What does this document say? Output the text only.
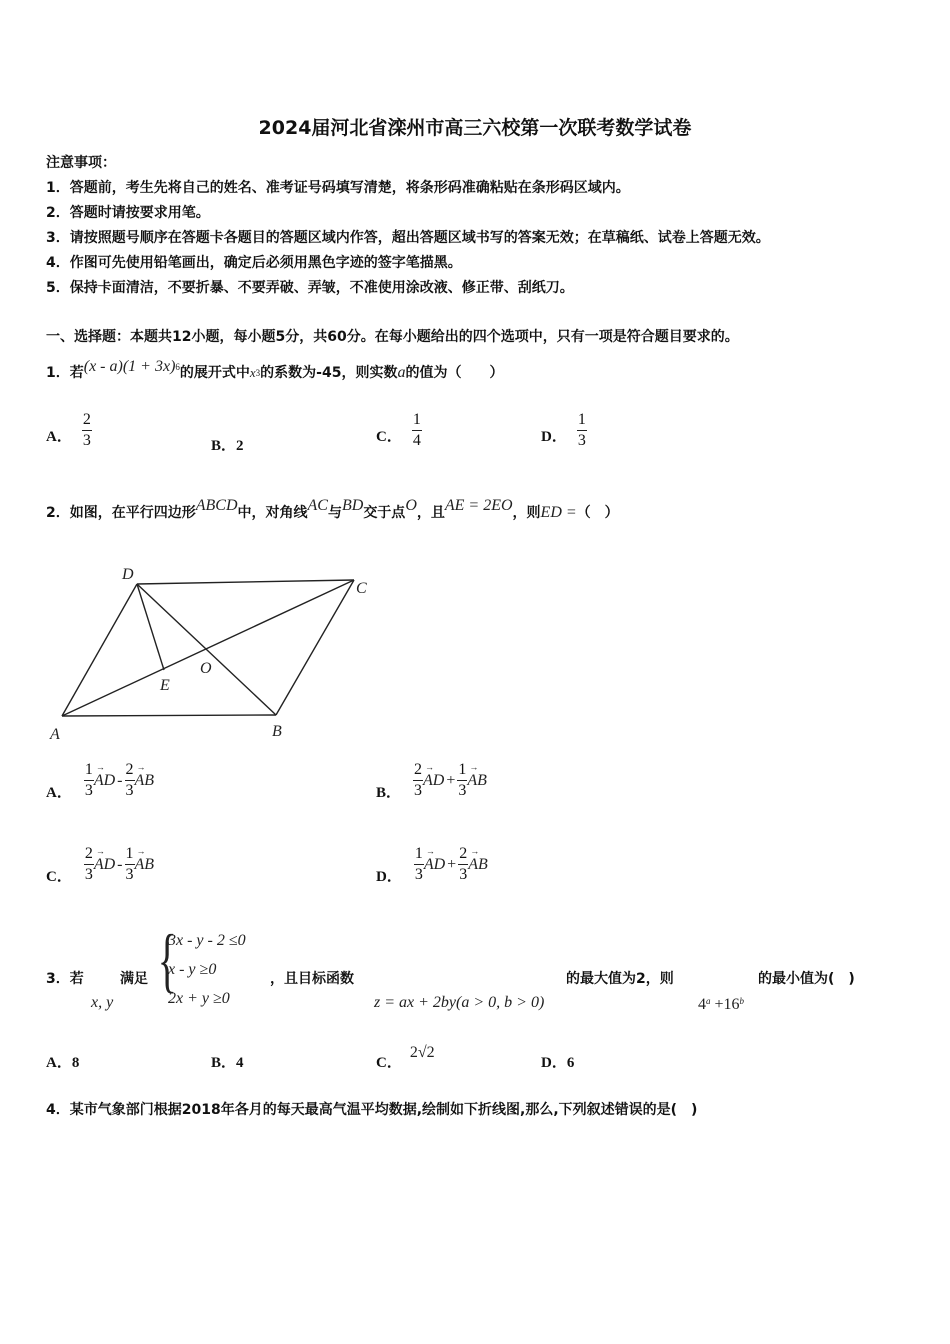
2024届河北省滦州市高三六校第一次联考数学试卷
注意事项：
1．答题前，考生先将自己的姓名、准考证号码填写清楚，将条形码准确粘贴在条形码区域内。
2．答题时请按要求用笔。
3．请按照题号顺序在答题卡各题目的答题区域内作答，超出答题区域书写的答案无效；在草稿纸、试卷上答题无效。
4．作图可先使用铅笔画出，确定后必须用黑色字迹的签字笔描黑。
5．保持卡面清洁，不要折暴、不要弄破、弄皱，不准使用涂改液、修正带、刮纸刀。
一、选择题：本题共12小题，每小题5分，共60分。在每小题给出的四个选项中，只有一项是符合题目要求的。
1．若$(x - a)(1 + 3x)^6$的展开式中$x^3$的系数为-45，则实数a的值为（　　）
A． $\frac{2}{3}$	B．2
C． $\frac{1}{4}$	D． $\frac{1}{3}$
2．如图，在平行四边形ABCD中，对角线AC与BD交于点O，且AE = 2EO，则ED =（　）
D
C
O
E
A	B
A． $\frac{1}{3}$ →
AD - $\frac{2}{3}$ →
AB
B． $\frac{2}{3}$ →
AD + $\frac{1}{3}$ →
AB
C． $\frac{2}{3}$ →
AD - $\frac{1}{3}$ →
AB
D． $\frac{1}{3}$ →
AD + $\frac{2}{3}$ →
AB
3．若
x, y
满足 {
3x - y - 2 ≤0
x - y ≥0
2x + y ≥0
，且目标函数
z = ax + 2by(a > 0, b > 0)
的最大值为2，则
$4^a +16^b$
的最小值为(　)
A．8	B．4	C．2√2
D．6
4．某市气象部门根据2018年各月的每天最高气温平均数据,绘制如下折线图,那么,下列叙述错误的是(　)
